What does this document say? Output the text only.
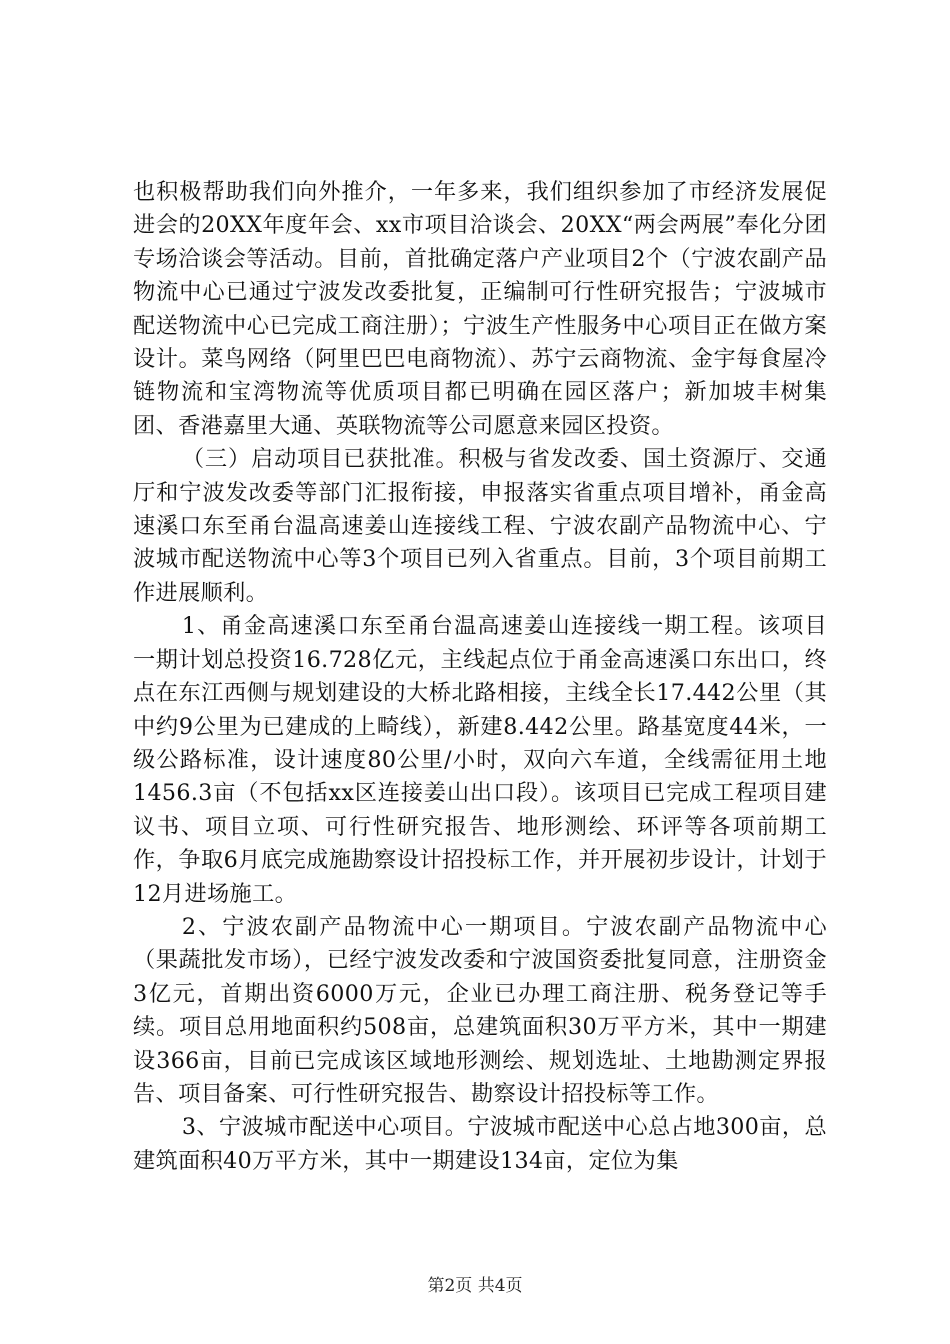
也积极帮助我们向外推介，一年多来，我们组织参加了市经济发展促进会的20XX年度年会、xx市项目洽谈会、20XX“两会两展”奉化分团专场洽谈会等活动。目前，首批确定落户产业项目2个（宁波农副产品物流中心已通过宁波发改委批复，正编制可行性研究报告；宁波城市配送物流中心已完成工商注册）；宁波生产性服务中心项目正在做方案设计。菜鸟网络（阿里巴巴电商物流）、苏宁云商物流、金宇每食屋冷链物流和宝湾物流等优质项目都已明确在园区落户；新加坡丰树集团、香港嘉里大通、英联物流等公司愿意来园区投资。

（三）启动项目已获批准。积极与省发改委、国土资源厅、交通厅和宁波发改委等部门汇报衔接，申报落实省重点项目增补，甬金高速溪口东至甬台温高速姜山连接线工程、宁波农副产品物流中心、宁波城市配送物流中心等3个项目已列入省重点。目前，3个项目前期工作进展顺利。

1、甬金高速溪口东至甬台温高速姜山连接线一期工程。该项目一期计划总投资16.728亿元，主线起点位于甬金高速溪口东出口，终点在东江西侧与规划建设的大桥北路相接，主线全长17.442公里（其中约9公里为已建成的上畸线），新建8.442公里。路基宽度44米，一级公路标准，设计速度80公里/小时，双向六车道，全线需征用土地1456.3亩（不包括xx区连接姜山出口段）。该项目已完成工程项目建议书、项目立项、可行性研究报告、地形测绘、环评等各项前期工作，争取6月底完成施勘察设计招投标工作，并开展初步设计，计划于12月进场施工。

2、宁波农副产品物流中心一期项目。宁波农副产品物流中心（果蔬批发市场），已经宁波发改委和宁波国资委批复同意，注册资金3亿元，首期出资6000万元，企业已办理工商注册、税务登记等手续。项目总用地面积约508亩，总建筑面积30万平方米，其中一期建设366亩，目前已完成该区域地形测绘、规划选址、土地勘测定界报告、项目备案、可行性研究报告、勘察设计招投标等工作。

3、宁波城市配送中心项目。宁波城市配送中心总占地300亩，总建筑面积40万平方米，其中一期建设134亩，定位为集

第2页 共4页
